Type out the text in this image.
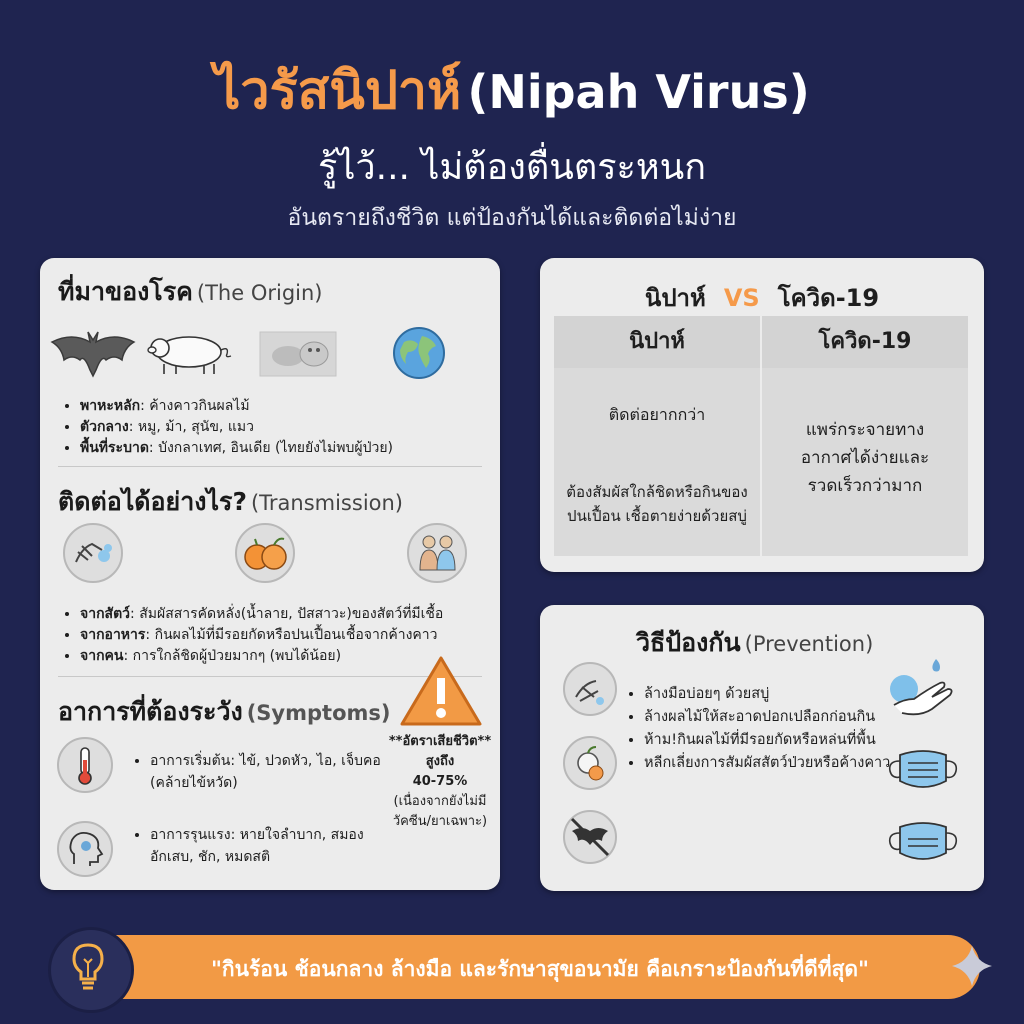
ไวรัสนิปาห์ (Nipah Virus)
รู้ไว้... ไม่ต้องตื่นตระหนก
อันตรายถึงชีวิต แต่ป้องกันได้และติดต่อไม่ง่าย
ที่มาของโรค (The Origin)
• พาหะหลัก: ค้างคาวกินผลไม้
• ตัวกลาง: หมู, ม้า, สุนัข, แมว
• พื้นที่ระบาด: บังกลาเทศ, อินเดีย (ไทยยังไม่พบผู้ป่วย)
ติดต่อได้อย่างไร? (Transmission)
• จากสัตว์: สัมผัสสารคัดหลั่ง(น้ำลาย, ปัสสาวะ)ของสัตว์ที่มีเชื้อ
• จากอาหาร: กินผลไม้ที่มีรอยกัดหรือปนเปื้อนเชื้อจากค้างคาว
• จากคน: การใกล้ชิดผู้ป่วยมากๆ (พบได้น้อย)
อาการที่ต้องระวัง (Symptoms)
**อัตราเสียชีวิต**
สูงถึง
40-75%
(เนื่องจากยังไม่มี
วัคซีน/ยาเฉพาะ)
• อาการเริ่มต้น: ไข้, ปวดหัว, ไอ, เจ็บคอ (คล้ายไข้หวัด)
• อาการรุนแรง: หายใจลำบาก, สมองอักเสบ, ชัก, หมดสติ
นิปาห์ VS โควิด-19
นิปาห์
ติดต่อยากกว่า
ต้องสัมผัสใกล้ชิดหรือกินของปนเปื้อน เชื้อตายง่ายด้วยสบู่
โควิด-19
แพร่กระจายทางอากาศได้ง่ายและรวดเร็วกว่ามาก
วิธีป้องกัน (Prevention)
• ล้างมือบ่อยๆ ด้วยสบู่
• ล้างผลไม้ให้สะอาดปอกเปลือกก่อนกิน
• ห้าม!กินผลไม้ที่มีรอยกัดหรือหล่นที่พื้น
• หลีกเลี่ยงการสัมผัสสัตว์ป่วยหรือค้างคาว
"กินร้อน ช้อนกลาง ล้างมือ และรักษาสุขอนามัย คือเกราะป้องกันที่ดีที่สุด"
